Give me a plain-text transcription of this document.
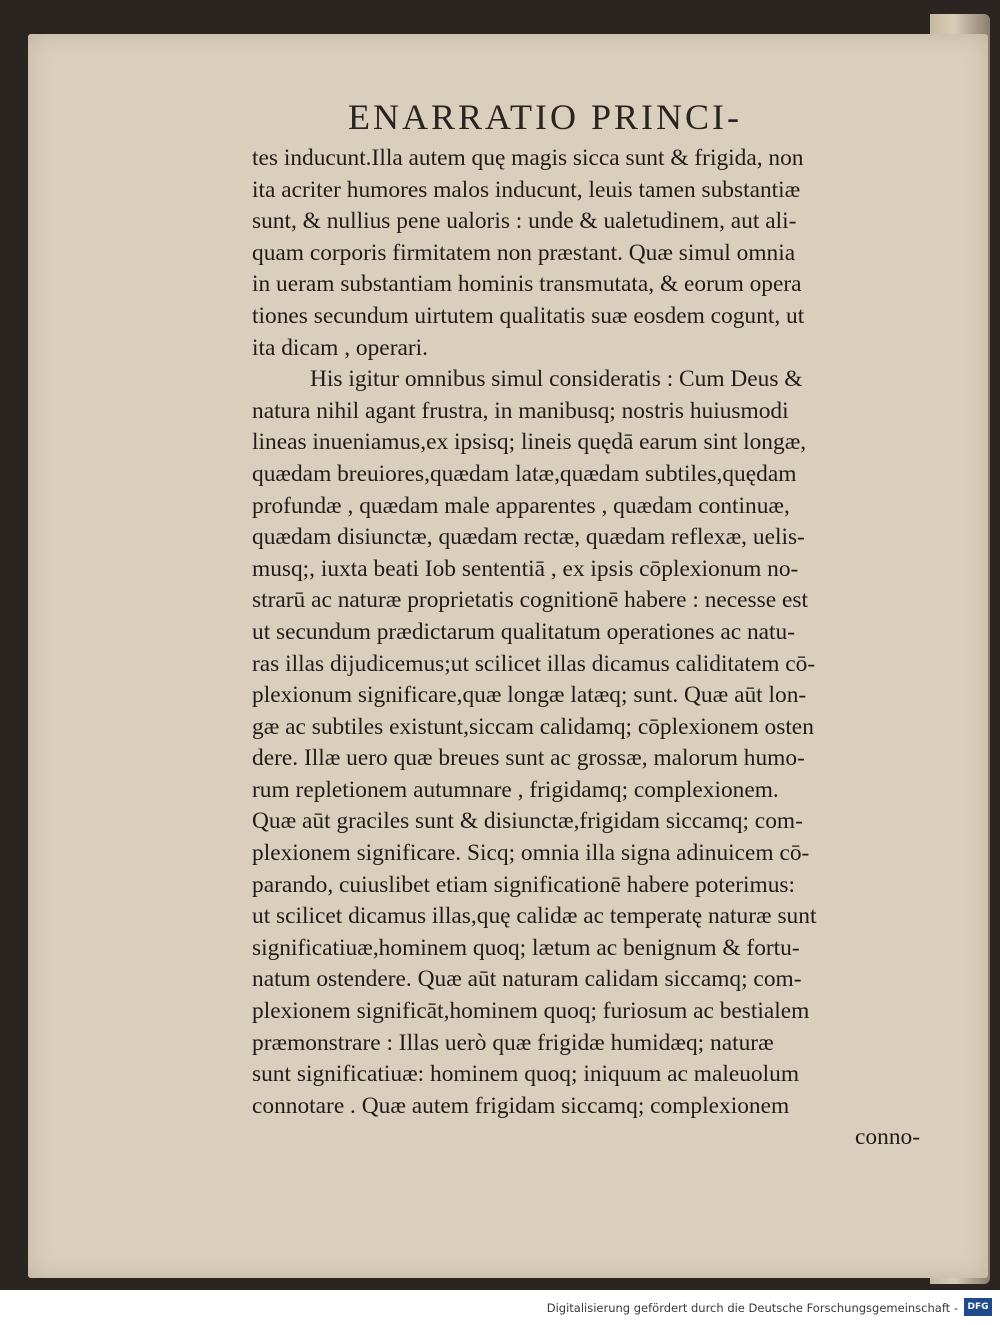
ENARRATIO PRINCI-
tes inducunt.Illa autem quę magis sicca sunt & frigida, non
ita acriter humores malos inducunt, leuis tamen substantiæ
sunt, & nullius pene ualoris : unde & ualetudinem, aut ali-
quam corporis firmitatem non præstant. Quæ simul omnia
in ueram substantiam hominis transmutata, & eorum opera
tiones secundum uirtutem qualitatis suæ eosdem cogunt, ut
ita dicam , operari.
His igitur omnibus simul consideratis : Cum Deus &
natura nihil agant frustra, in manibusq; nostris huiusmodi
lineas inueniamus,ex ipsisq; lineis quędā earum sint longæ,
quædam breuiores,quædam latæ,quædam subtiles,quędam
profundæ , quædam male apparentes , quædam continuæ,
quædam disiunctæ, quædam rectæ, quædam reflexæ, uelis-
musq;, iuxta beati Iob sententiā , ex ipsis cōplexionum no-
strarū ac naturæ proprietatis cognitionē habere : necesse est
ut secundum prædictarum qualitatum operationes ac natu-
ras illas dijudicemus;ut scilicet illas dicamus caliditatem cō-
plexionum significare,quæ longæ latæq; sunt. Quæ aūt lon-
gæ ac subtiles existunt,siccam calidamq; cōplexionem osten
dere. Illæ uero quæ breues sunt ac grossæ, malorum humo-
rum repletionem autumnare , frigidamq; complexionem.
Quæ aūt graciles sunt & disiunctæ,frigidam siccamq; com-
plexionem significare. Sicq; omnia illa signa adinuicem cō-
parando, cuiuslibet etiam significationē habere poterimus:
ut scilicet dicamus illas,quę calidæ ac temperatę naturæ sunt
significatiuæ,hominem quoq; lætum ac benignum & fortu-
natum ostendere. Quæ aūt naturam calidam siccamq; com-
plexionem significāt,hominem quoq; furiosum ac bestialem
præmonstrare : Illas uerò quæ frigidæ humidæq; naturæ
sunt significatiuæ: hominem quoq; iniquum ac maleuolum
connotare . Quæ autem frigidam siccamq; complexionem
conno-
Digitalisierung gefördert durch die Deutsche Forschungsgemeinschaft -	DFG
